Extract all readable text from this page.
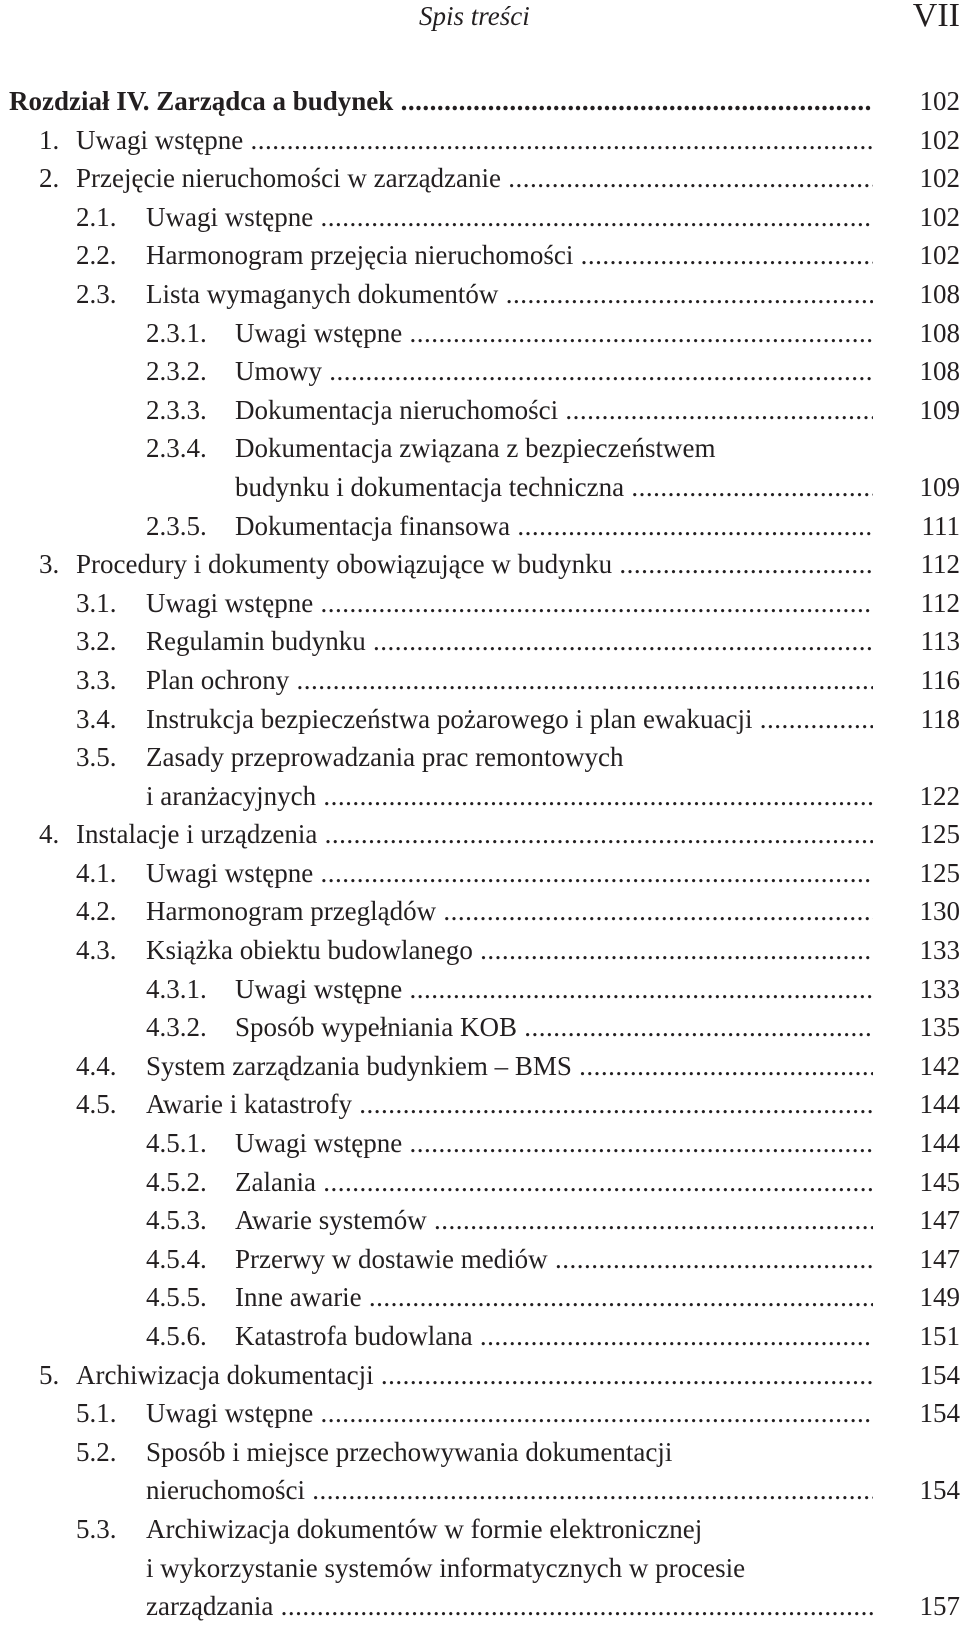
Spis treści	VII
Rozdział IV. Zarządca a budynek .....	102
1. Uwagi wstępne .....	102
2. Przejęcie nieruchomości w zarządzanie .....	102
2.1. Uwagi wstępne .....	102
2.2. Harmonogram przejęcia nieruchomości .....	102
2.3. Lista wymaganych dokumentów .....	108
2.3.1. Uwagi wstępne .....	108
2.3.2. Umowy .....	108
2.3.3. Dokumentacja nieruchomości .....	109
2.3.4. Dokumentacja związana z bezpieczeństwem
budynku i dokumentacja techniczna .....	109
2.3.5. Dokumentacja finansowa .....	111
3. Procedury i dokumenty obowiązujące w budynku .....	112
3.1. Uwagi wstępne .....	112
3.2. Regulamin budynku .....	113
3.3. Plan ochrony .....	116
3.4. Instrukcja bezpieczeństwa pożarowego i plan ewakuacji .....	118
3.5. Zasady przeprowadzania prac remontowych
i aranżacyjnych .....	122
4. Instalacje i urządzenia .....	125
4.1. Uwagi wstępne .....	125
4.2. Harmonogram przeglądów .....	130
4.3. Książka obiektu budowlanego .....	133
4.3.1. Uwagi wstępne .....	133
4.3.2. Sposób wypełniania KOB .....	135
4.4. System zarządzania budynkiem – BMS .....	142
4.5. Awarie i katastrofy .....	144
4.5.1. Uwagi wstępne .....	144
4.5.2. Zalania .....	145
4.5.3. Awarie systemów .....	147
4.5.4. Przerwy w dostawie mediów .....	147
4.5.5. Inne awarie .....	149
4.5.6. Katastrofa budowlana .....	151
5. Archiwizacja dokumentacji .....	154
5.1. Uwagi wstępne .....	154
5.2. Sposób i miejsce przechowywania dokumentacji
nieruchomości .....	154
5.3. Archiwizacja dokumentów w formie elektronicznej
i wykorzystanie systemów informatycznych w procesie
zarządzania .....	157
